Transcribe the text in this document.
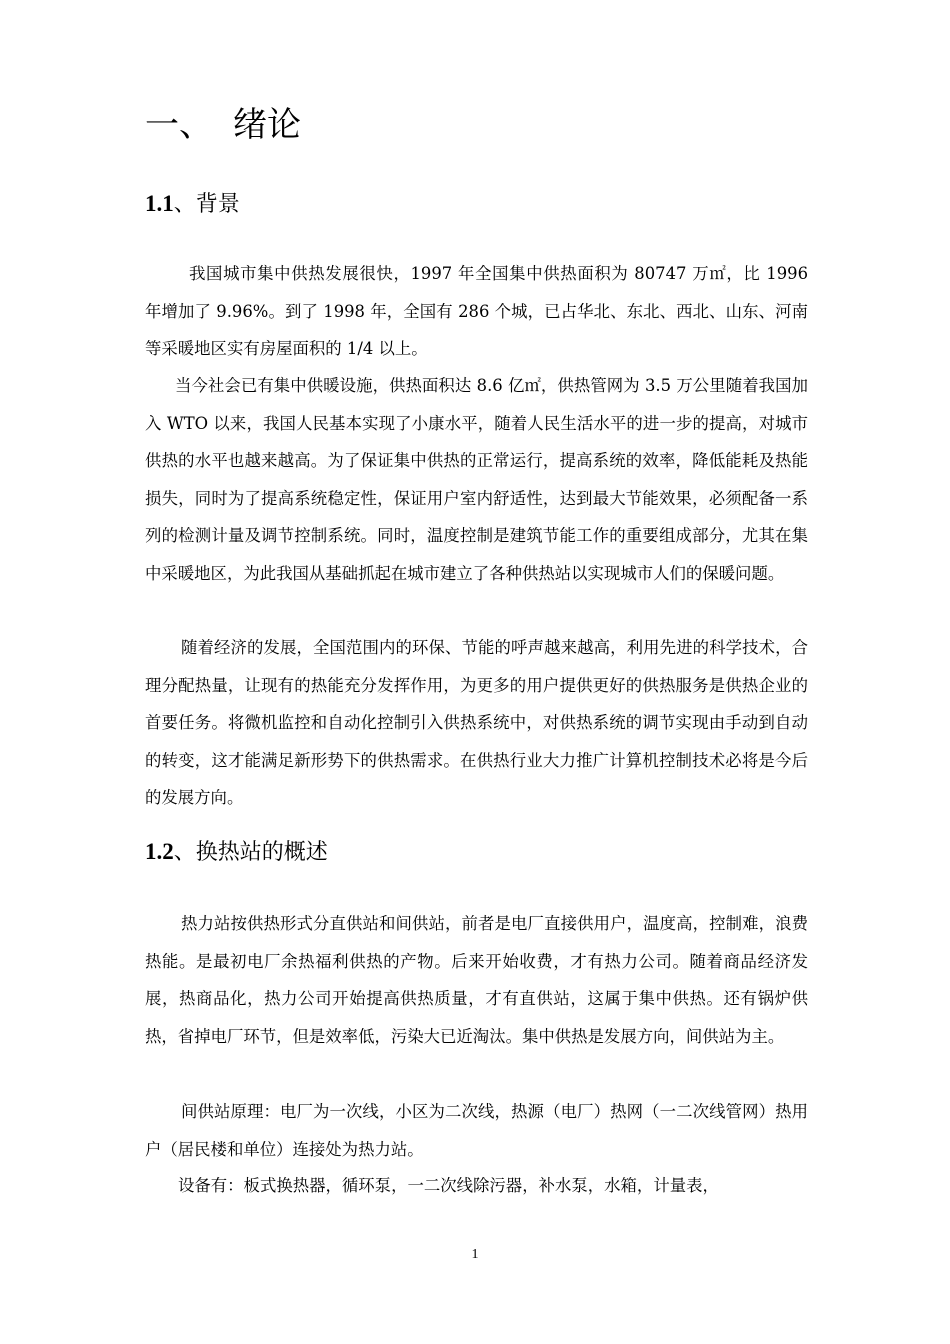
一、 绪论
1.1、背景

我国城市集中供热发展很快，1997 年全国集中供热面积为 80747 万㎡，比 1996 年增加了 9.96%。到了 1998 年，全国有 286 个城，已占华北、东北、西北、山东、河南等采暖地区实有房屋面积的 1/4 以上。

当今社会已有集中供暖设施，供热面积达 8.6 亿㎡，供热管网为 3.5 万公里随着我国加入 WTO 以来，我国人民基本实现了小康水平，随着人民生活水平的进一步的提高，对城市供热的水平也越来越高。为了保证集中供热的正常运行，提高系统的效率，降低能耗及热能损失，同时为了提高系统稳定性，保证用户室内舒适性，达到最大节能效果，必须配备一系列的检测计量及调节控制系统。同时，温度控制是建筑节能工作的重要组成部分，尤其在集中采暖地区，为此我国从基础抓起在城市建立了各种供热站以实现城市人们的保暖问题。

随着经济的发展，全国范围内的环保、节能的呼声越来越高，利用先进的科学技术，合理分配热量，让现有的热能充分发挥作用，为更多的用户提供更好的供热服务是供热企业的首要任务。将微机监控和自动化控制引入供热系统中，对供热系统的调节实现由手动到自动的转变，这才能满足新形势下的供热需求。在供热行业大力推广计算机控制技术必将是今后的发展方向。

1.2、换热站的概述

热力站按供热形式分直供站和间供站，前者是电厂直接供用户，温度高，控制难，浪费热能。是最初电厂余热福利供热的产物。后来开始收费，才有热力公司。随着商品经济发展，热商品化，热力公司开始提高供热质量，才有直供站，这属于集中供热。还有锅炉供热，省掉电厂环节，但是效率低，污染大已近淘汰。集中供热是发展方向，间供站为主。

间供站原理：电厂为一次线，小区为二次线，热源（电厂）热网（一二次线管网）热用户（居民楼和单位）连接处为热力站。

设备有：板式换热器，循环泵，一二次线除污器，补水泵，水箱，计量表，

1
